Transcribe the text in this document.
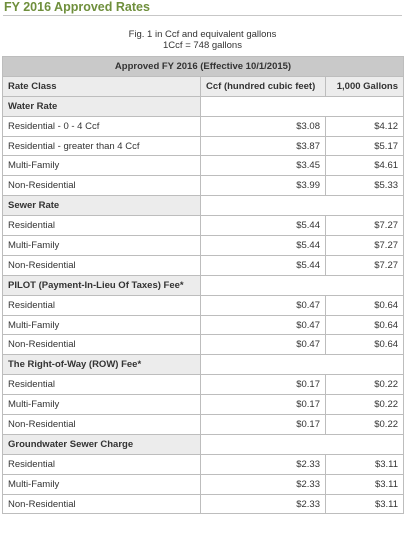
FY 2016 Approved Rates
Fig. 1 in Ccf and equivalent gallons
1Ccf = 748 gallons
Approved FY 2016 (Effective 10/1/2015)		
Rate Class	Ccf (hundred cubic feet)	1,000 Gallons
Water Rate		
Residential - 0 - 4 Ccf	$3.08	$4.12
Residential - greater than 4 Ccf	$3.87	$5.17
Multi-Family	$3.45	$4.61
Non-Residential	$3.99	$5.33
Sewer Rate		
Residential	$5.44	$7.27
Multi-Family	$5.44	$7.27
Non-Residential	$5.44	$7.27
PILOT (Payment-In-Lieu Of Taxes) Fee*		
Residential	$0.47	$0.64
Multi-Family	$0.47	$0.64
Non-Residential	$0.47	$0.64
The Right-of-Way (ROW) Fee*		
Residential	$0.17	$0.22
Multi-Family	$0.17	$0.22
Non-Residential	$0.17	$0.22
Groundwater Sewer Charge		
Residential	$2.33	$3.11
Multi-Family	$2.33	$3.11
Non-Residential	$2.33	$3.11
